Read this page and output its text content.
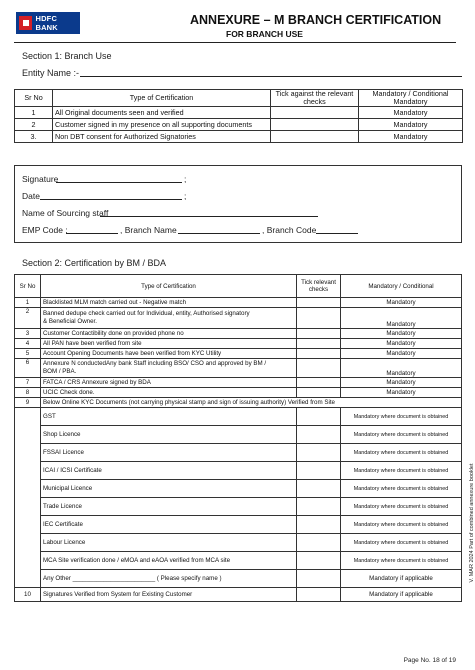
HDFC BANK
ANNEXURE – M BRANCH CERTIFICATION
FOR BRANCH USE
Section 1: Branch Use
Entity Name :-
Sr No	Type of Certification	Tick against the relevant checks	Mandatory / Conditional Mandatory
1	All Original documents seen and verified		Mandatory
2	Customer signed in my presence on all supporting documents		Mandatory
3.	Non DBT consent for Authorized Signatories		Mandatory
Signature	;
Date	;
Name of Sourcing staff
EMP Code :	, Branch Name	, Branch Code
Section 2: Certification by BM / BDA
Sr No	Type of Certification	Tick relevant checks	Mandatory / Conditional
1	Blacklisted MLM match carried out - Negative match		Mandatory
2	Banned dedupe check carried out for Individual, entity, Authorised signatory
& Beneficial Owner.		Mandatory
3	Customer Contactibility done on provided phone no		Mandatory
4	All PAN have been verified from site		Mandatory
5	Account Opening Documents have been verified from KYC Utility		Mandatory
6	Annexure N conductedAny bank Staff including BSO/ CSO and approved by BM /
BOM / PBA.		Mandatory
7	FATCA / CRS Annexure signed by BDA		Mandatory
8	UCIC Check done.		Mandatory
9	Below Online KYC Documents (not carrying physical stamp and sign of issuing authority) Verified from Site		
	GST		Mandatory where document is obtained
	Shop Licence		Mandatory where document is obtained
	FSSAI Licence		Mandatory where document is obtained
	ICAI / ICSI Certificate		Mandatory where document is obtained
	Municipal Licence		Mandatory where document is obtained
	Trade Licence		Mandatory where document is obtained
	IEC Certificate		Mandatory where document is obtained
	Labour Licence		Mandatory where document is obtained
	MCA Site verification done / eMOA and eAOA verified from MCA site		Mandatory where document is obtained
	Any Other ________________________ ( Please specify name )		Mandatory if applicable
10	Signatures Verified from System for Existing Customer		Mandatory if applicable
V. MAR 2024 Part of combined annexure booklet
Page No. 18 of 19
